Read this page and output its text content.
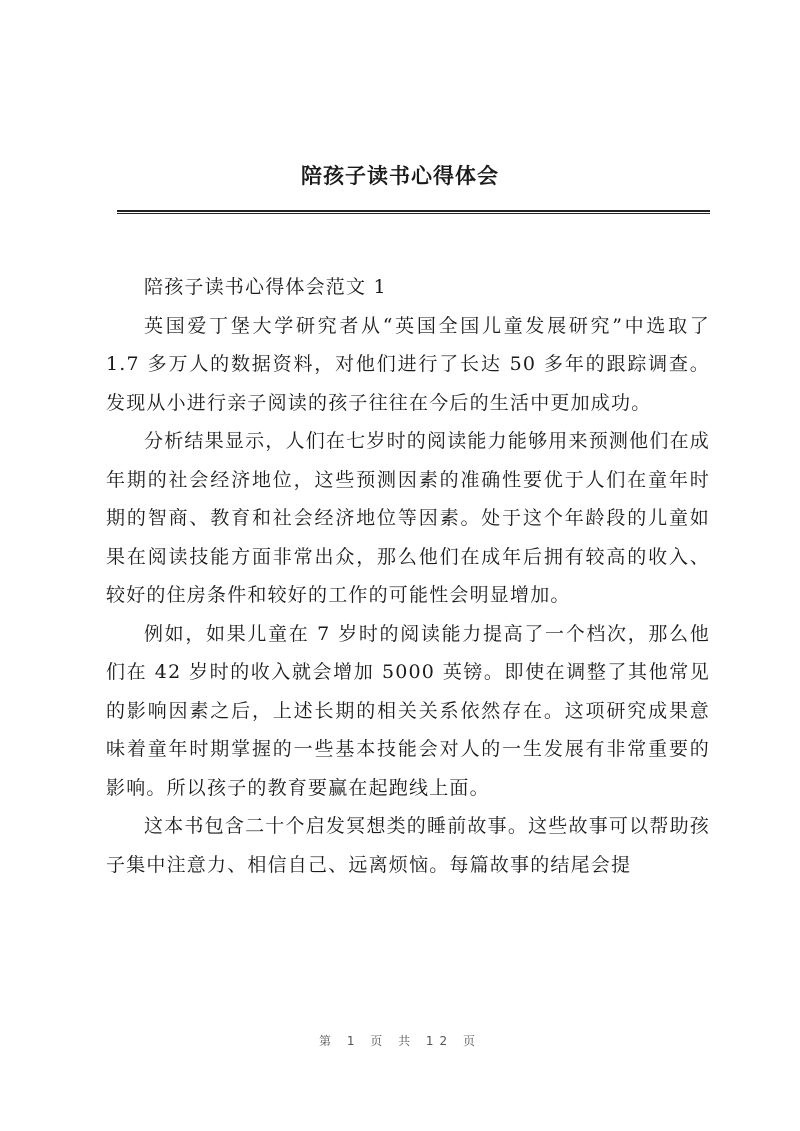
陪孩子读书心得体会

陪孩子读书心得体会范文 1

英国爱丁堡大学研究者从“英国全国儿童发展研究”中选取了 1.7 多万人的数据资料，对他们进行了长达 50 多年的跟踪调查。发现从小进行亲子阅读的孩子往往在今后的生活中更加成功。

分析结果显示，人们在七岁时的阅读能力能够用来预测他们在成年期的社会经济地位，这些预测因素的准确性要优于人们在童年时期的智商、教育和社会经济地位等因素。处于这个年龄段的儿童如果在阅读技能方面非常出众，那么他们在成年后拥有较高的收入、较好的住房条件和较好的工作的可能性会明显增加。

例如，如果儿童在 7 岁时的阅读能力提高了一个档次，那么他们在 42 岁时的收入就会增加 5000 英镑。即使在调整了其他常见的影响因素之后，上述长期的相关关系依然存在。这项研究成果意味着童年时期掌握的一些基本技能会对人的一生发展有非常重要的影响。所以孩子的教育要赢在起跑线上面。

这本书包含二十个启发冥想类的睡前故事。这些故事可以帮助孩子集中注意力、相信自己、远离烦恼。每篇故事的结尾会提

第 1 页 共 12 页
